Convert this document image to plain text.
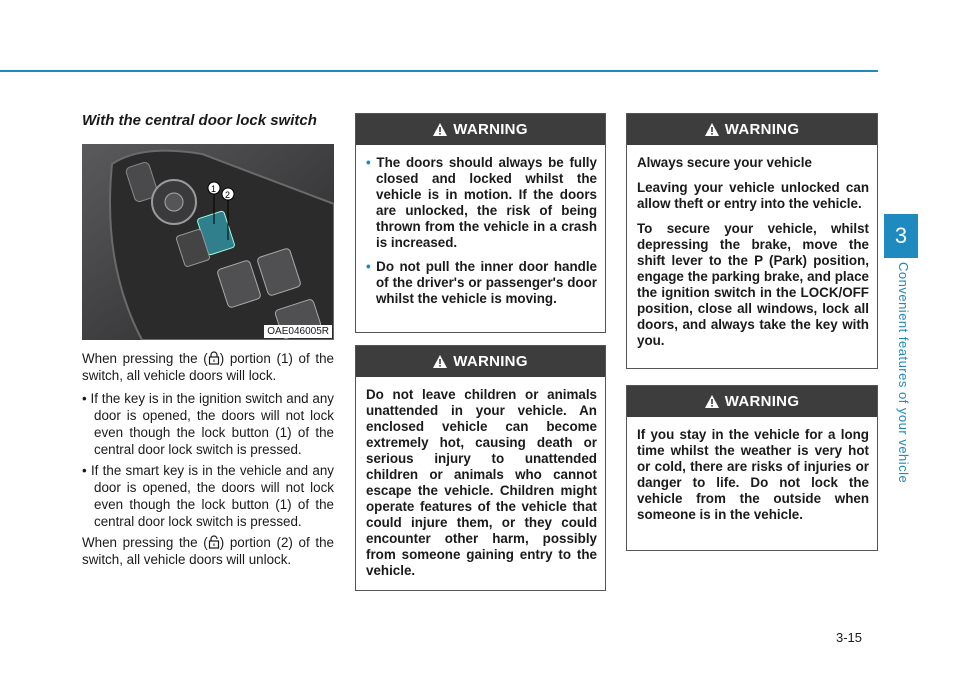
3
Convenient features of your vehicle
With the central door lock switch
1
2
OAE046005R

When pressing the ( ) portion (1) of the switch, all vehicle doors will lock.

• If the key is in the ignition switch and any door is opened, the doors will not lock even though the lock button (1) of the central door lock switch is pressed.
• If the smart key is in the vehicle and any door is opened, the doors will not lock even though the lock button (1) of the central door lock switch is pressed.

When pressing the ( ) portion (2) of the switch, all vehicle doors will unlock.

WARNING
• The doors should always be fully closed and locked whilst the vehicle is in motion. If the doors are unlocked, the risk of being thrown from the vehicle in a crash is increased.
• Do not pull the inner door handle of the driver's or passenger's door whilst the vehicle is moving.
WARNING

Do not leave children or animals unattended in your vehicle. An enclosed vehicle can become extremely hot, causing death or serious injury to unattended children or animals who cannot escape the vehicle. Children might operate features of the vehicle that could injure them, or they could encounter other harm, possibly from someone gaining entry to the vehicle.

WARNING

Always secure your vehicle

Leaving your vehicle unlocked can allow theft or entry into the vehicle.

To secure your vehicle, whilst depressing the brake, move the shift lever to the P (Park) position, engage the parking brake, and place the ignition switch in the LOCK/OFF position, close all windows, lock all doors, and always take the key with you.

WARNING

If you stay in the vehicle for a long time whilst the weather is very hot or cold, there are risks of injuries or danger to life. Do not lock the vehicle from the outside when someone is in the vehicle.

3-15
